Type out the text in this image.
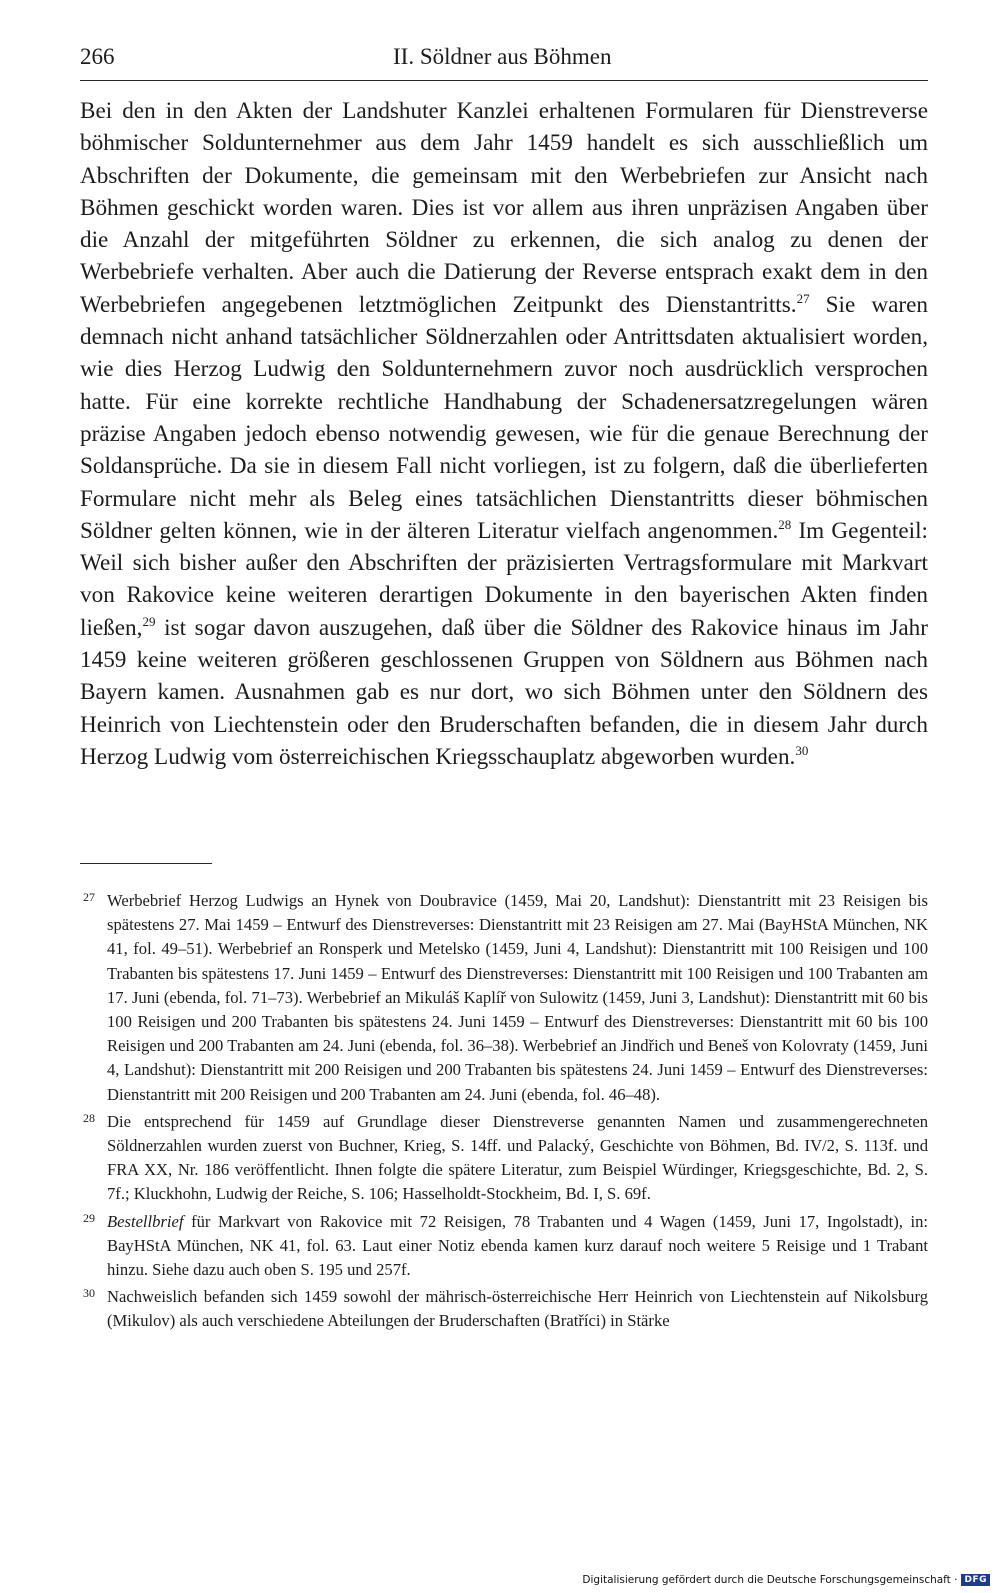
266	II. Söldner aus Böhmen

Bei den in den Akten der Landshuter Kanzlei erhaltenen Formularen für Dienstreverse böhmischer Soldunternehmer aus dem Jahr 1459 handelt es sich ausschließlich um Abschriften der Dokumente, die gemeinsam mit den Werbebriefen zur Ansicht nach Böhmen geschickt worden waren. Dies ist vor allem aus ihren unpräzisen Angaben über die Anzahl der mitgeführten Söldner zu erkennen, die sich analog zu denen der Werbebriefe verhalten. Aber auch die Datierung der Reverse entsprach exakt dem in den Werbebriefen angegebenen letztmöglichen Zeitpunkt des Dienstantritts.$^{27}$ Sie waren demnach nicht anhand tatsächlicher Söldnerzahlen oder Antrittsdaten aktualisiert worden, wie dies Herzog Ludwig den Soldunternehmern zuvor noch ausdrücklich versprochen hatte. Für eine korrekte rechtliche Handhabung der Schadenersatzregelungen wären präzise Angaben jedoch ebenso notwendig gewesen, wie für die genaue Berechnung der Soldansprüche. Da sie in diesem Fall nicht vorliegen, ist zu folgern, daß die überlieferten Formulare nicht mehr als Beleg eines tatsächlichen Dienstantritts dieser böhmischen Söldner gelten können, wie in der älteren Literatur vielfach angenommen.$^{28}$ Im Gegenteil: Weil sich bisher außer den Abschriften der präzisierten Vertragsformulare mit Markvart von Rakovice keine weiteren derartigen Dokumente in den bayerischen Akten finden ließen,$^{29}$ ist sogar davon auszugehen, daß über die Söldner des Rakovice hinaus im Jahr 1459 keine weiteren größeren geschlossenen Gruppen von Söldnern aus Böhmen nach Bayern kamen. Ausnahmen gab es nur dort, wo sich Böhmen unter den Söldnern des Heinrich von Liechtenstein oder den Bruderschaften befanden, die in diesem Jahr durch Herzog Ludwig vom österreichischen Kriegsschauplatz abgeworben wurden.$^{30}$

27 Werbebrief Herzog Ludwigs an Hynek von Doubravice (1459, Mai 20, Landshut): Dienstantritt mit 23 Reisigen bis spätestens 27. Mai 1459 – Entwurf des Dienstreverses: Dienstantritt mit 23 Reisigen am 27. Mai (BayHStA München, NK 41, fol. 49–51). Werbebrief an Ronsperk und Metelsko (1459, Juni 4, Landshut): Dienstantritt mit 100 Reisigen und 100 Trabanten bis spätestens 17. Juni 1459 – Entwurf des Dienstreverses: Dienstantritt mit 100 Reisigen und 100 Trabanten am 17. Juni (ebenda, fol. 71–73). Werbebrief an Mikuláš Kaplíř von Sulowitz (1459, Juni 3, Landshut): Dienstantritt mit 60 bis 100 Reisigen und 200 Trabanten bis spätestens 24. Juni 1459 – Entwurf des Dienstreverses: Dienstantritt mit 60 bis 100 Reisigen und 200 Trabanten am 24. Juni (ebenda, fol. 36–38). Werbebrief an Jindřich und Beneš von Kolovraty (1459, Juni 4, Landshut): Dienstantritt mit 200 Reisigen und 200 Trabanten bis spätestens 24. Juni 1459 – Entwurf des Dienstreverses: Dienstantritt mit 200 Reisigen und 200 Trabanten am 24. Juni (ebenda, fol. 46–48).
28 Die entsprechend für 1459 auf Grundlage dieser Dienstreverse genannten Namen und zusammengerechneten Söldnerzahlen wurden zuerst von Buchner, Krieg, S. 14ff. und Palacký, Geschichte von Böhmen, Bd. IV/2, S. 113f. und FRA XX, Nr. 186 veröffentlicht. Ihnen folgte die spätere Literatur, zum Beispiel Würdinger, Kriegsgeschichte, Bd. 2, S. 7f.; Kluckhohn, Ludwig der Reiche, S. 106; Hasselholdt-Stockheim, Bd. I, S. 69f.
29 Bestellbrief für Markvart von Rakovice mit 72 Reisigen, 78 Trabanten und 4 Wagen (1459, Juni 17, Ingolstadt), in: BayHStA München, NK 41, fol. 63. Laut einer Notiz ebenda kamen kurz darauf noch weitere 5 Reisige und 1 Trabant hinzu. Siehe dazu auch oben S. 195 und 257f.
30 Nachweislich befanden sich 1459 sowohl der mährisch-österreichische Herr Heinrich von Liechtenstein auf Nikolsburg (Mikulov) als auch verschiedene Abteilungen der Bruderschaften (Bratříci) in Stärke
Digitalisierung gefördert durch die Deutsche Forschungsgemeinschaft · DFG
